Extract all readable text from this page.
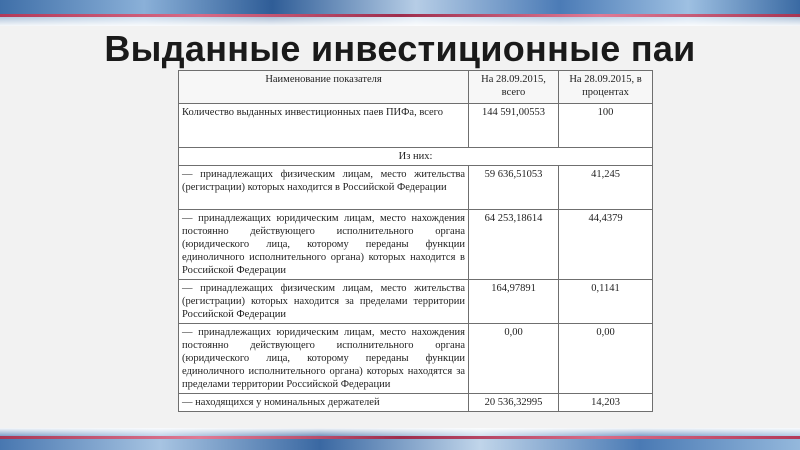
Выданные инвестиционные паи
Наименование показателя	На 28.09.2015, всего	На 28.09.2015, в процентах
Количество выданных инвестиционных паев ПИФа, всего	144 591,00553	100
Из них:		
— принадлежащих физическим лицам, место жительства (регистрации) которых находится в Российской Федерации	59 636,51053	41,245
— принадлежащих юридическим лицам, место нахождения постоянно действующего исполнительного органа (юридического лица, которому переданы функции единоличного исполнительного органа) которых находится в Российской Федерации	64 253,18614	44,4379
— принадлежащих физическим лицам, место жительства (регистрации) которых находится за пределами территории Российской Федерации	164,97891	0,1141
— принадлежащих юридическим лицам, место нахождения постоянно действующего исполнительного органа (юридического лица, которому переданы функции единоличного исполнительного органа) которых находятся за пределами территории Российской Федерации	0,00	0,00
— находящихся у номинальных держателей	20 536,32995	14,203
